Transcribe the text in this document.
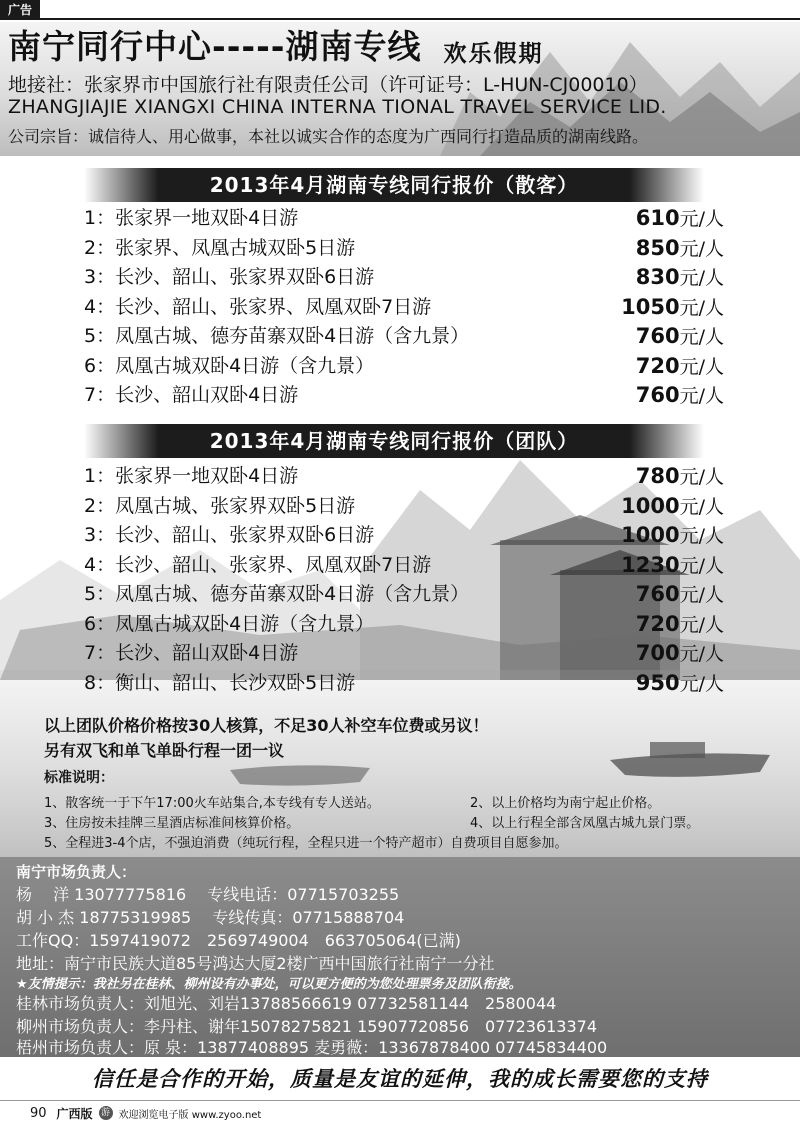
广告
南宁同行中心-----湖南专线 欢乐假期
地接社：张家界市中国旅行社有限责任公司（许可证号：L-HUN-CJ00010）
ZHANGJIAJIE XIANGXI CHINA INTERNA TIONAL TRAVEL SERVICE LID.
公司宗旨：诚信待人、用心做事，本社以诚实合作的态度为广西同行打造品质的湖南线路。
2013年4月湖南专线同行报价（散客）
1：张家界一地双卧4日游	610元/人
2：张家界、凤凰古城双卧5日游	850元/人
3：长沙、韶山、张家界双卧6日游	830元/人
4：长沙、韶山、张家界、凤凰双卧7日游	1050元/人
5：凤凰古城、德夯苗寨双卧4日游（含九景）	760元/人
6：凤凰古城双卧4日游（含九景）	720元/人
7：长沙、韶山双卧4日游	760元/人
2013年4月湖南专线同行报价（团队）
1：张家界一地双卧4日游	780元/人
2：凤凰古城、张家界双卧5日游	1000元/人
3：长沙、韶山、张家界双卧6日游	1000元/人
4：长沙、韶山、张家界、凤凰双卧7日游	1230元/人
5：凤凰古城、德夯苗寨双卧4日游（含九景）	760元/人
6：凤凰古城双卧4日游（含九景）	720元/人
7：长沙、韶山双卧4日游	700元/人
8：衡山、韶山、长沙双卧5日游	950元/人
以上团队价格价格按30人核算，不足30人补空车位费或另议！
另有双飞和单飞单卧行程一团一议
标准说明：
1、散客统一于下午17:00火车站集合,本专线有专人送站。	2、以上价格均为南宁起止价格。
3、住房按未挂牌三星酒店标准间核算价格。	4、以上行程全部含凤凰古城九景门票。
5、全程进3-4个店，不强迫消费（纯玩行程，全程只进一个特产超市）自费项目自愿参加。
南宁市场负责人：
杨　 洋 13077775816　 专线电话：07715703255
胡 小 杰 18775319985　 专线传真：07715888704
工作QQ：1597419072　2569749004　663705064(已满)
地址：南宁市民族大道85号鸿达大厦2楼广西中国旅行社南宁一分社
★友情提示：我社另在桂林、柳州设有办事处，可以更方便的为您处理票务及团队衔接。
桂林市场负责人：刘旭光、刘岩13788566619 07732581144　2580044
柳州市场负责人：李丹柱、谢年15078275821 15907720856　07723613374
梧州市场负责人：原 泉：13877408895 麦勇薇：13367878400 07745834400
信任是合作的开始，质量是友谊的延伸，我的成长需要您的支持
90 广西版 游 欢迎浏览电子版 www.zyoo.net
